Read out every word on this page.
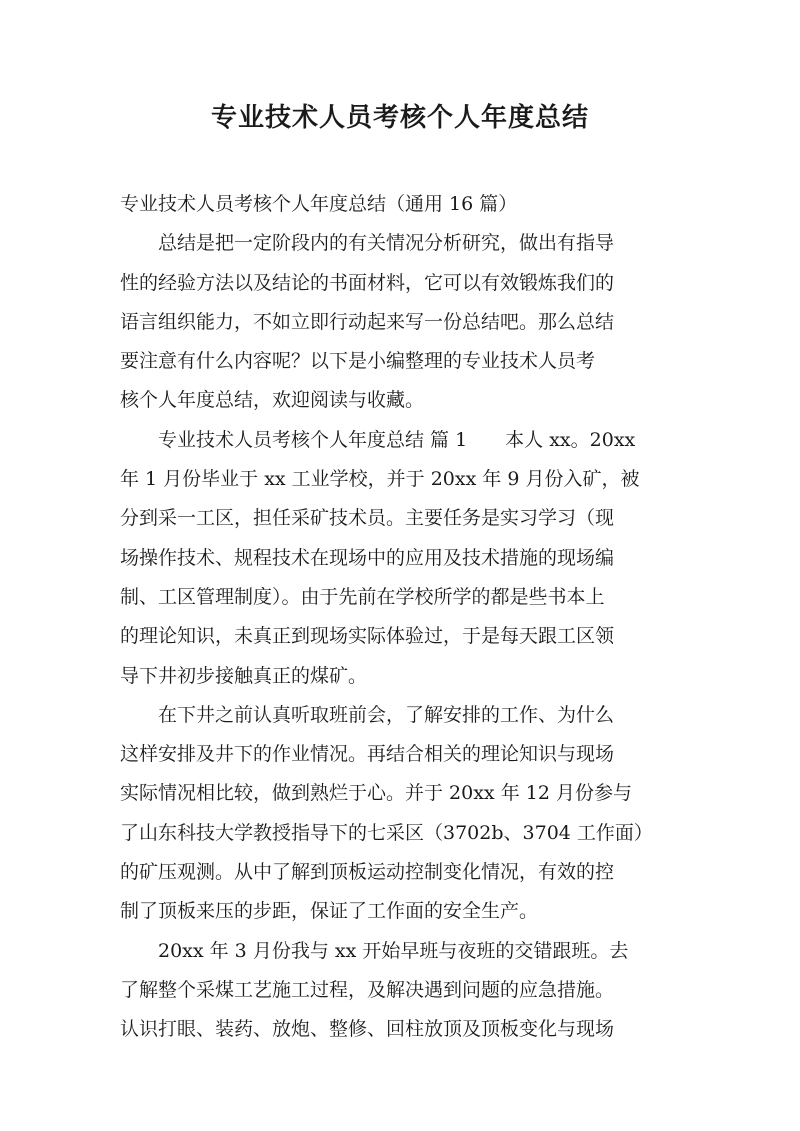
专业技术人员考核个人年度总结
专业技术人员考核个人年度总结（通用 16 篇）
　　总结是把一定阶段内的有关情况分析研究，做出有指导
性的经验方法以及结论的书面材料，它可以有效锻炼我们的
语言组织能力，不如立即行动起来写一份总结吧。那么总结
要注意有什么内容呢？以下是小编整理的专业技术人员考
核个人年度总结，欢迎阅读与收藏。
　　专业技术人员考核个人年度总结 篇 1　　本人 xx。20xx
年 1 月份毕业于 xx 工业学校，并于 20xx 年 9 月份入矿，被
分到采一工区，担任采矿技术员。主要任务是实习学习（现
场操作技术、规程技术在现场中的应用及技术措施的现场编
制、工区管理制度）。由于先前在学校所学的都是些书本上
的理论知识，未真正到现场实际体验过，于是每天跟工区领
导下井初步接触真正的煤矿。
　　在下井之前认真听取班前会，了解安排的工作、为什么
这样安排及井下的作业情况。再结合相关的理论知识与现场
实际情况相比较，做到熟烂于心。并于 20xx 年 12 月份参与
了山东科技大学教授指导下的七采区（3702b、3704 工作面）
的矿压观测。从中了解到顶板运动控制变化情况，有效的控
制了顶板来压的步距，保证了工作面的安全生产。
　　20xx 年 3 月份我与 xx 开始早班与夜班的交错跟班。去
了解整个采煤工艺施工过程，及解决遇到问题的应急措施。
认识打眼、装药、放炮、整修、回柱放顶及顶板变化与现场
